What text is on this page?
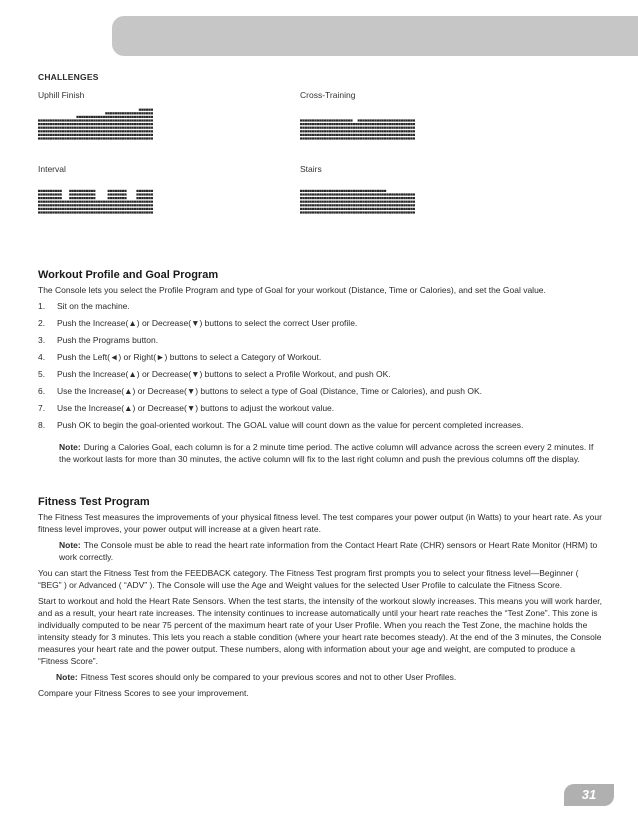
CHALLENGES
Uphill Finish	Cross-Training
Interval	Stairs
Workout Profile and Goal Program

The Console lets you select the Profile Program and type of Goal for your workout (Distance, Time or Calories), and set the Goal value.

1. Sit on the machine.
2. Push the Increase(▲) or Decrease(▼) buttons to select the correct User profile.
3. Push the Programs button.
4. Push the Left(◄) or Right(►) buttons to select a Category of Workout.
5. Push the Increase(▲) or Decrease(▼) buttons to select a Profile Workout, and push OK.
6. Use the Increase(▲) or Decrease(▼) buttons to select a type of Goal (Distance, Time or Calories), and push OK.
7. Use the Increase(▲) or Decrease(▼) buttons to adjust the workout value.
8. Push OK to begin the goal-oriented workout. The GOAL value will count down as the value for percent completed increases.

Note: During a Calories Goal, each column is for a 2 minute time period. The active column will advance across the screen every 2 minutes. If the workout lasts for more than 30 minutes, the active column will fix to the last right column and push the previous columns off the display.

Fitness Test Program

The Fitness Test measures the improvements of your physical fitness level. The test compares your power output (in Watts) to your heart rate. As your fitness level improves, your power output will increase at a given heart rate.

Note: The Console must be able to read the heart rate information from the Contact Heart Rate (CHR) sensors or Heart Rate Monitor (HRM) to work correctly.

You can start the Fitness Test from the FEEDBACK category. The Fitness Test program first prompts you to select your fitness level—Beginner ( “BEG” ) or Advanced ( “ADV” ). The Console will use the Age and Weight values for the selected User Profile to calculate the Fitness Score.

Start to workout and hold the Heart Rate Sensors. When the test starts, the intensity of the workout slowly increases. This means you will work harder, and as a result, your heart rate increases. The intensity continues to increase automatically until your heart rate reaches the “Test Zone”. This zone is individually computed to be near 75 percent of the maximum heart rate of your User Profile. When you reach the Test Zone, the machine holds the intensity steady for 3 minutes. This lets you reach a stable condition (where your heart rate becomes steady). At the end of the 3 minutes, the Console measures your heart rate and the power output. These numbers, along with information about your age and weight, are computed to produce a “Fitness Score”.

Note: Fitness Test scores should only be compared to your previous scores and not to other User Profiles.

Compare your Fitness Scores to see your improvement.

31
